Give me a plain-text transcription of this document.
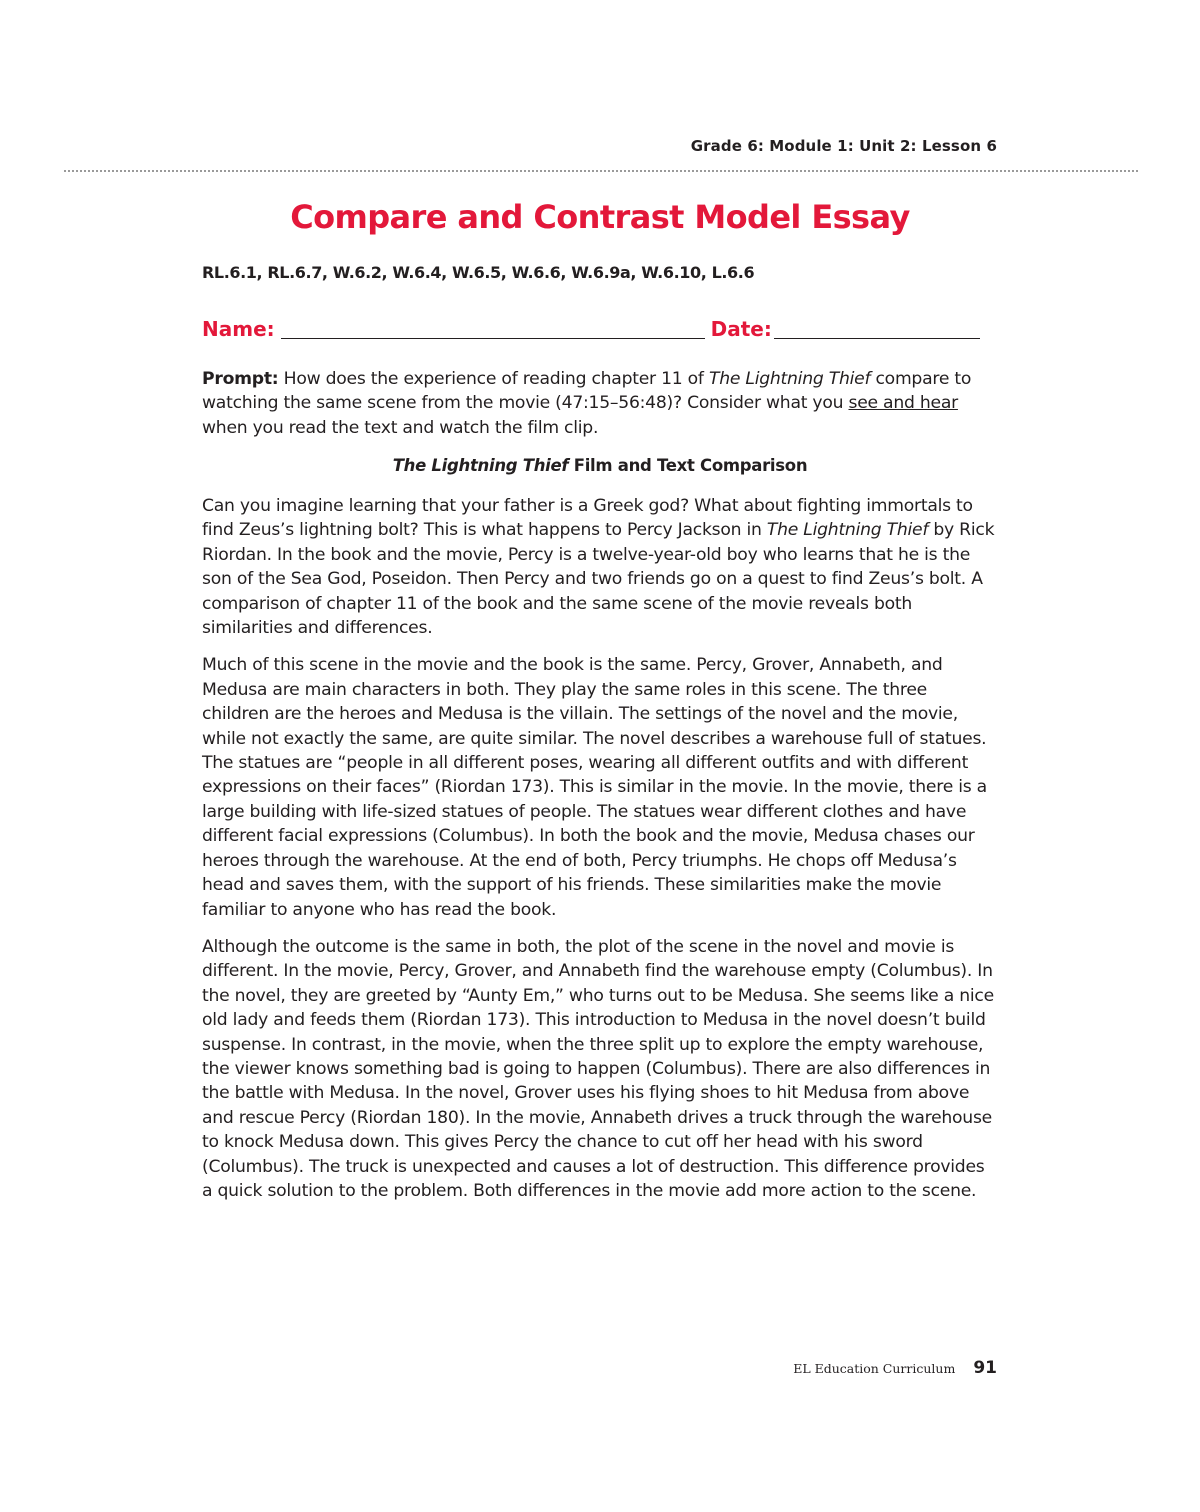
Grade 6: Module 1: Unit 2: Lesson 6
Compare and Contrast Model Essay
RL.6.1, RL.6.7, W.6.2, W.6.4, W.6.5, W.6.6, W.6.9a, W.6.10, L.6.6
Name:	Date:

Prompt: How does the experience of reading chapter 11 of The Lightning Thief compare to watching the same scene from the movie (47:15–56:48)? Consider what you see and hear when you read the text and watch the film clip.

The Lightning Thief Film and Text Comparison

Can you imagine learning that your father is a Greek god? What about fighting immortals to find Zeus’s lightning bolt? This is what happens to Percy Jackson in The Lightning Thief by Rick Riordan. In the book and the movie, Percy is a twelve-year-old boy who learns that he is the son of the Sea God, Poseidon. Then Percy and two friends go on a quest to find Zeus’s bolt. A comparison of chapter 11 of the book and the same scene of the movie reveals both similarities and differences.

Much of this scene in the movie and the book is the same. Percy, Grover, Annabeth, and Medusa are main characters in both. They play the same roles in this scene. The three children are the heroes and Medusa is the villain. The settings of the novel and the movie, while not exactly the same, are quite similar. The novel describes a warehouse full of statues. The statues are “people in all different poses, wearing all different outfits and with different expressions on their faces” (Riordan 173). This is similar in the movie. In the movie, there is a large building with life-sized statues of people. The statues wear different clothes and have different facial expressions (Columbus). In both the book and the movie, Medusa chases our heroes through the warehouse. At the end of both, Percy triumphs. He chops off Medusa’s head and saves them, with the support of his friends. These similarities make the movie familiar to anyone who has read the book.

Although the outcome is the same in both, the plot of the scene in the novel and movie is different. In the movie, Percy, Grover, and Annabeth find the warehouse empty (Columbus). In the novel, they are greeted by “Aunty Em,” who turns out to be Medusa. She seems like a nice old lady and feeds them (Riordan 173). This introduction to Medusa in the novel doesn’t build suspense. In contrast, in the movie, when the three split up to explore the empty warehouse, the viewer knows something bad is going to happen (Columbus). There are also differences in the battle with Medusa. In the novel, Grover uses his flying shoes to hit Medusa from above and rescue Percy (Riordan 180). In the movie, Annabeth drives a truck through the warehouse to knock Medusa down. This gives Percy the chance to cut off her head with his sword (Columbus). The truck is unexpected and causes a lot of destruction. This difference provides a quick solution to the problem. Both differences in the movie add more action to the scene.

EL Education Curriculum 91
